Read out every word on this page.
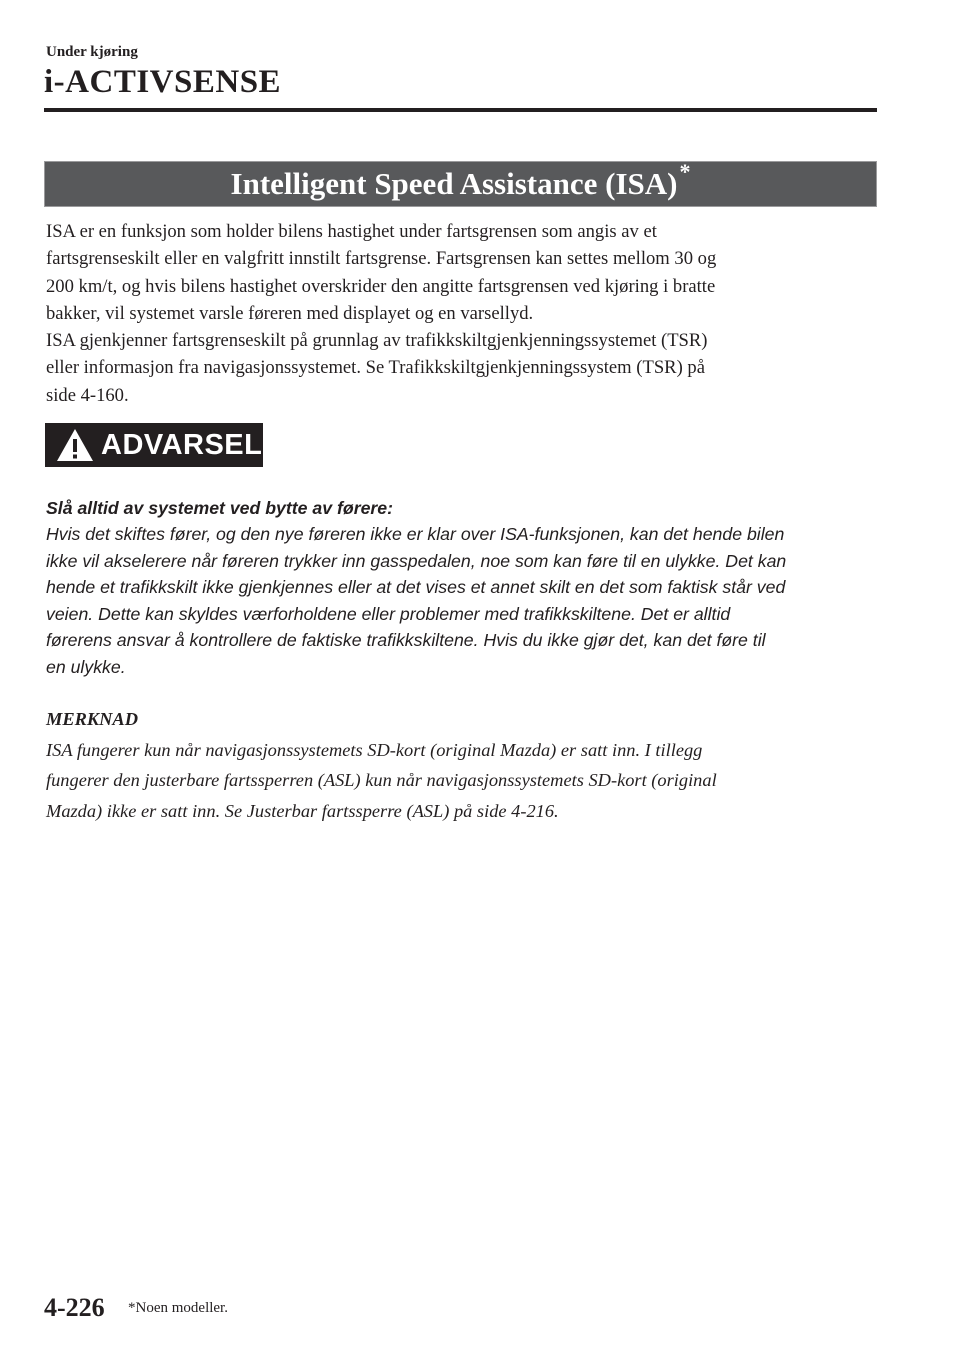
Under kjøring
i-ACTIVSENSE
Intelligent Speed Assistance (ISA) *
ISA er en funksjon som holder bilens hastighet under fartsgrensen som angis av et
fartsgrenseskilt eller en valgfritt innstilt fartsgrense. Fartsgrensen kan settes mellom 30 og
200 km/t, og hvis bilens hastighet overskrider den angitte fartsgrensen ved kjøring i bratte
bakker, vil systemet varsle føreren med displayet og en varsellyd.
ISA gjenkjenner fartsgrenseskilt på grunnlag av trafikkskiltgjenkjenningssystemet (TSR)
eller informasjon fra navigasjonssystemet. Se Trafikkskiltgjenkjenningssystem (TSR) på
side 4-160.
ADVARSEL
Slå alltid av systemet ved bytte av førere:
Hvis det skiftes fører, og den nye føreren ikke er klar over ISA-funksjonen, kan det hende bilen
ikke vil akselerere når føreren trykker inn gasspedalen, noe som kan føre til en ulykke. Det kan
hende et trafikkskilt ikke gjenkjennes eller at det vises et annet skilt en det som faktisk står ved
veien. Dette kan skyldes værforholdene eller problemer med trafikkskiltene. Det er alltid
førerens ansvar å kontrollere de faktiske trafikkskiltene. Hvis du ikke gjør det, kan det føre til
en ulykke.
MERKNAD
ISA fungerer kun når navigasjonssystemets SD-kort (original Mazda) er satt inn. I tillegg
fungerer den justerbare fartssperren (ASL) kun når navigasjonssystemets SD-kort (original
Mazda) ikke er satt inn. Se Justerbar fartssperre (ASL) på side 4-216.
4-226 *Noen modeller.
